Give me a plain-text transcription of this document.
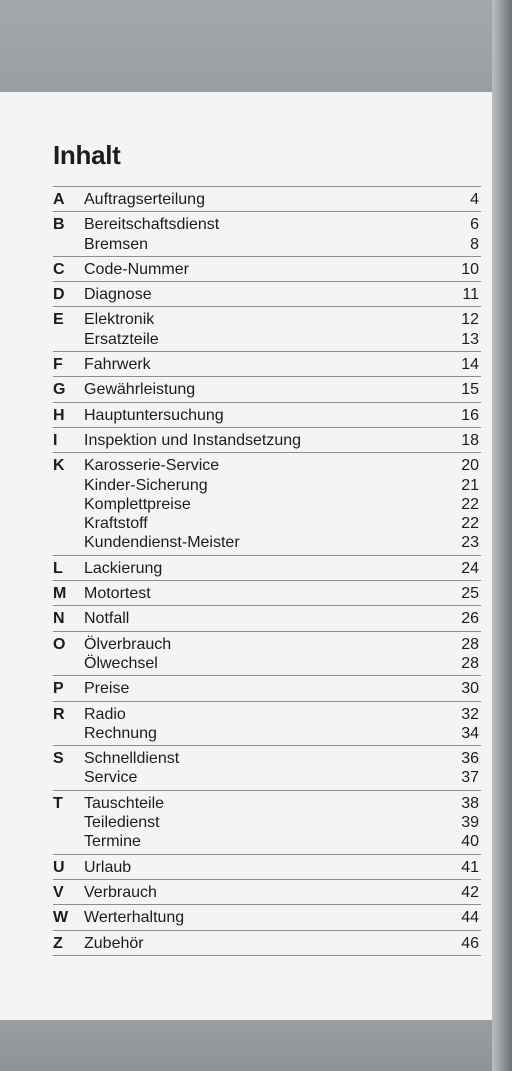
Inhalt
A	Auftragserteilung	4
B	Bereitschaftsdienst	6
Bremsen	8
C	Code-Nummer	10
D	Diagnose	11
E	Elektronik	12
Ersatzteile	13
F	Fahrwerk	14
G	Gewährleistung	15
H	Hauptuntersuchung	16
I	Inspektion und Instandsetzung	18
K	Karosserie-Service	20
Kinder-Sicherung	21
Komplettpreise	22
Kraftstoff	22
Kundendienst-Meister	23
L	Lackierung	24
M	Motortest	25
N	Notfall	26
O	Ölverbrauch	28
Ölwechsel	28
P	Preise	30
R	Radio	32
Rechnung	34
S	Schnelldienst	36
Service	37
T	Tauschteile	38
Teiledienst	39
Termine	40
U	Urlaub	41
V	Verbrauch	42
W Werterhaltung	44
Z	Zubehör	46
